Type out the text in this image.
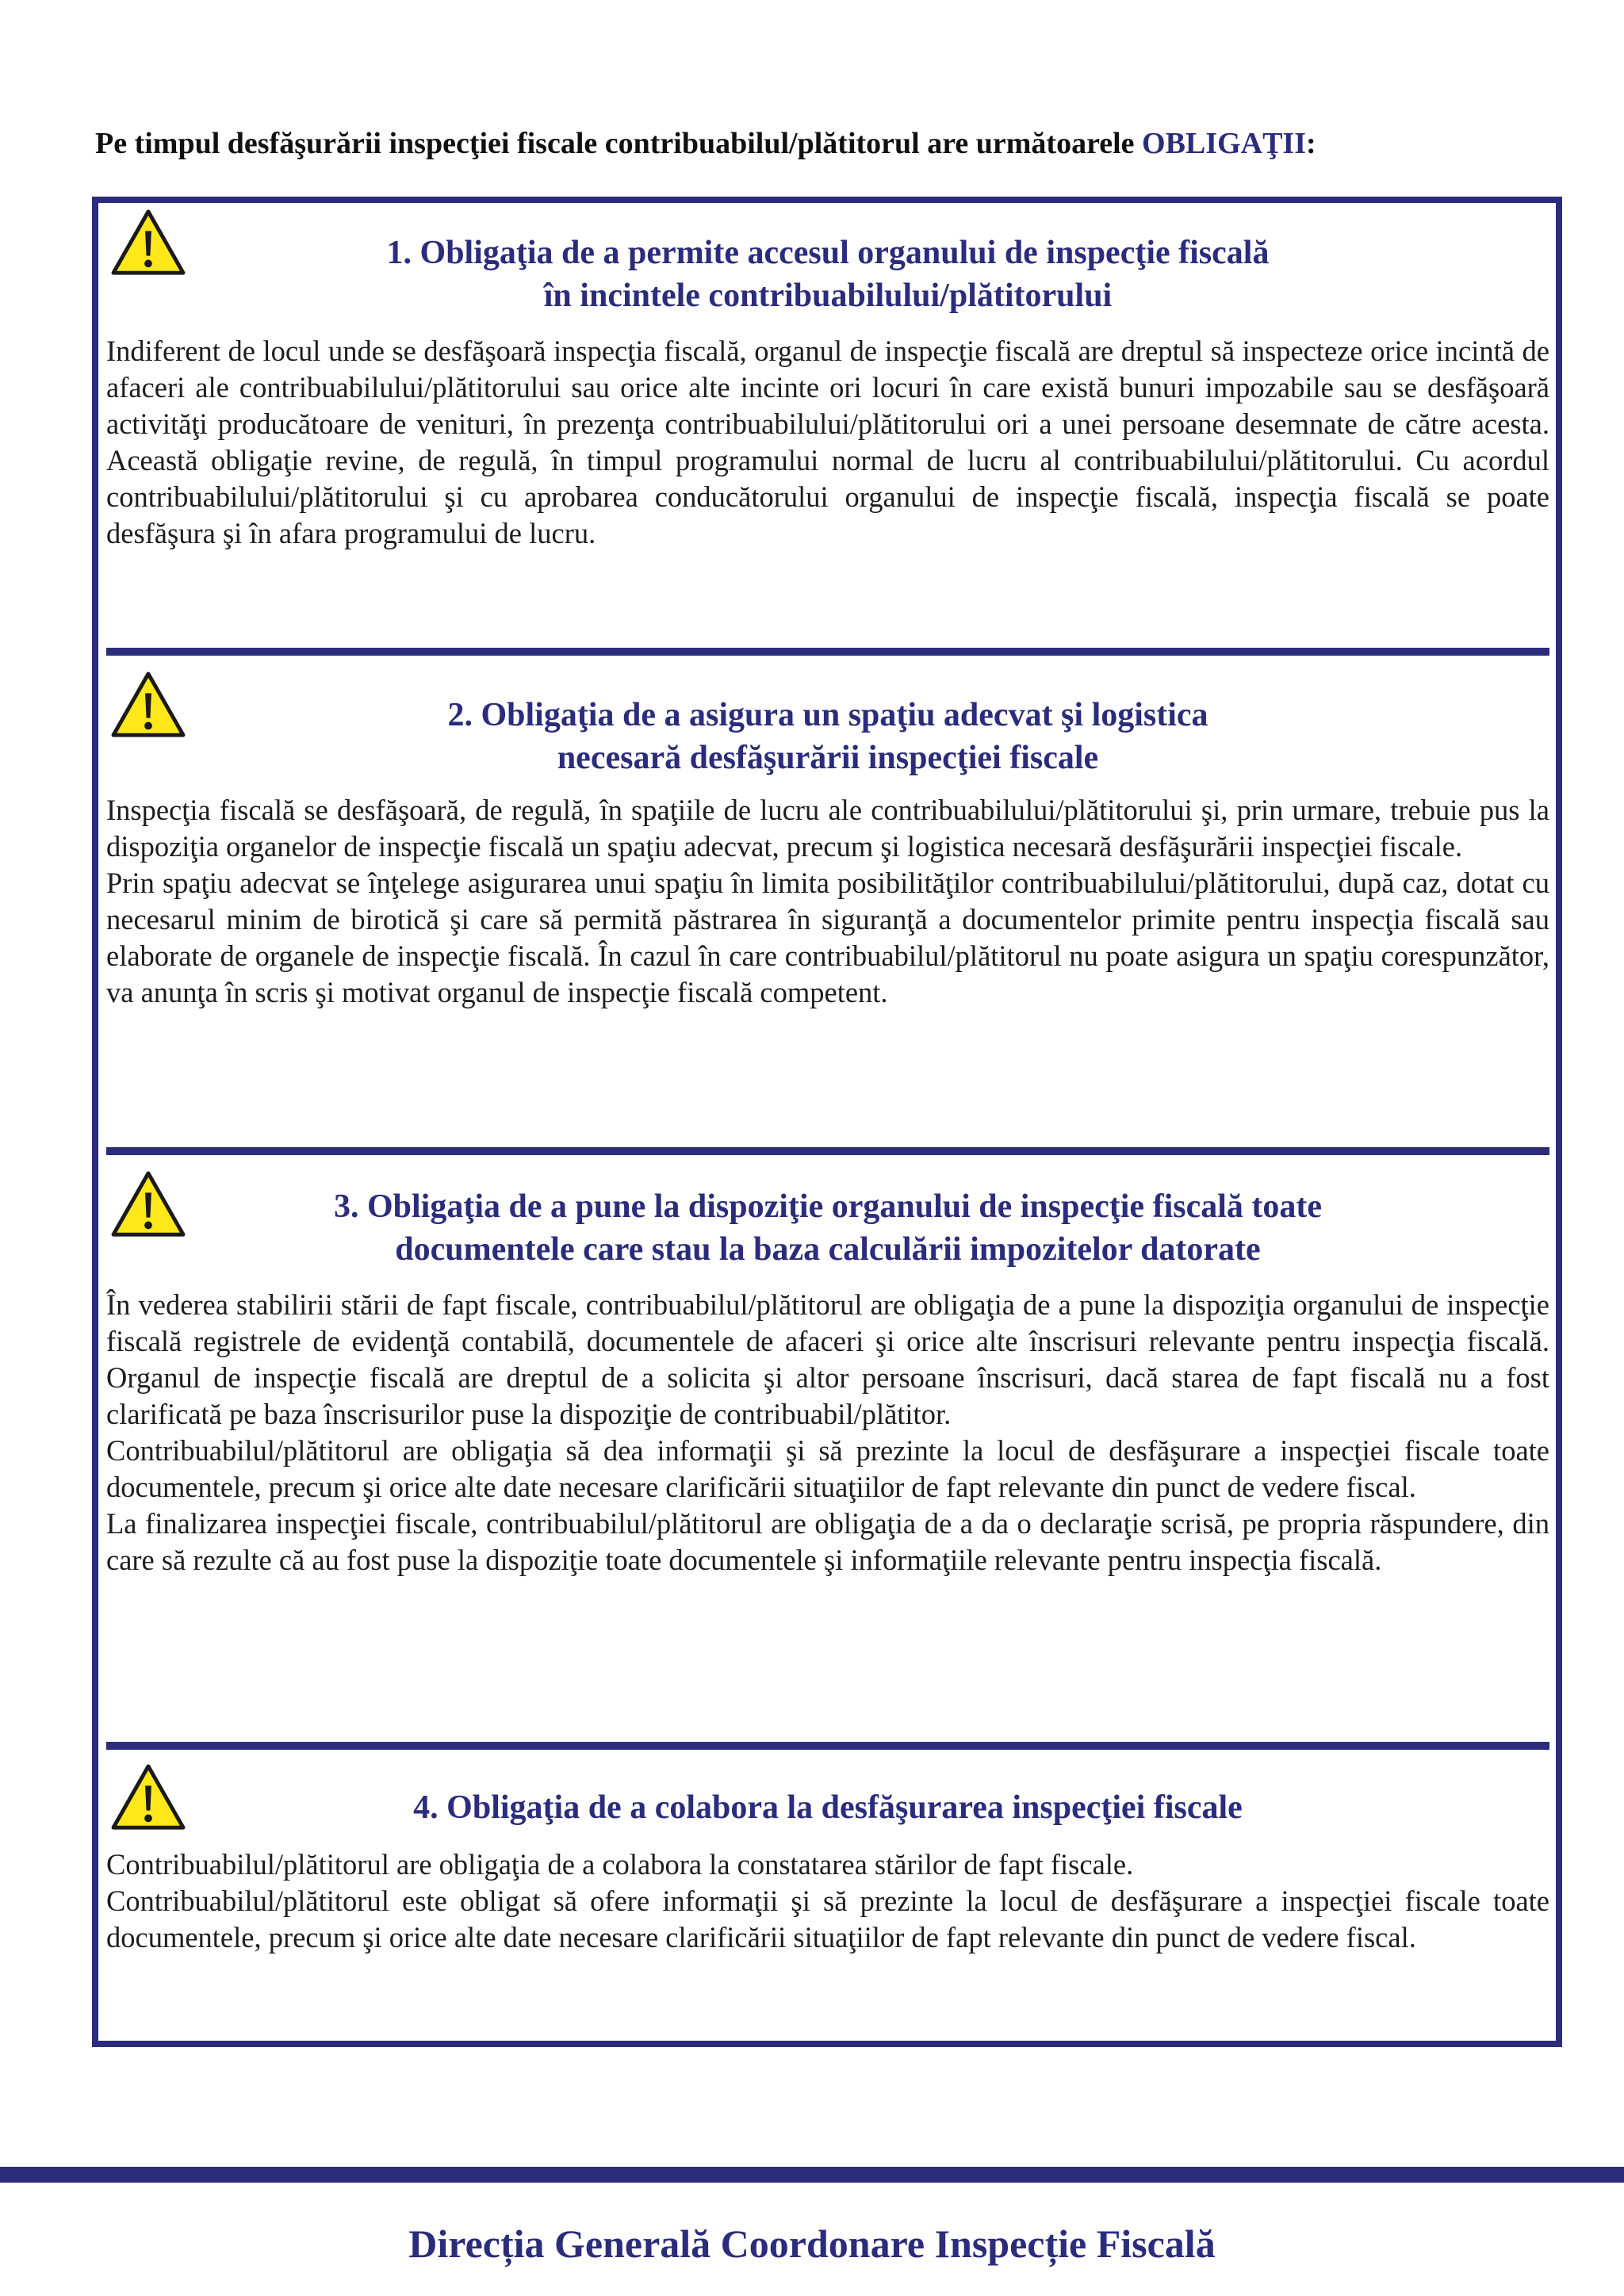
Pe timpul desfăşurării inspecţiei fiscale contribuabilul/plătitorul are următoarele OBLIGAŢII:
1. Obligaţia de a permite accesul organului de inspecţie fiscală
în incintele contribuabilului/plătitorului

Indiferent de locul unde se desfăşoară inspecţia fiscală, organul de inspecţie fiscală are dreptul să inspecteze orice incintă de afaceri ale contribuabilului/plătitorului sau orice alte incinte ori locuri în care există bunuri impozabile sau se desfăşoară activităţi producătoare de venituri, în prezenţa contribuabilului/plătitorului ori a unei persoane desemnate de către acesta. Această obligaţie revine, de regulă, în timpul programului normal de lucru al contribuabilului/plătitorului. Cu acordul contribuabilului/plătitorului şi cu aprobarea conducătorului organului de inspecţie fiscală, inspecţia fiscală se poate desfăşura şi în afara programului de lucru.

2. Obligaţia de a asigura un spaţiu adecvat şi logistica
necesară desfăşurării inspecţiei fiscale

Inspecţia fiscală se desfăşoară, de regulă, în spaţiile de lucru ale contribuabilului/plătitorului şi, prin urmare, trebuie pus la dispoziţia organelor de inspecţie fiscală un spaţiu adecvat, precum şi logistica necesară desfăşurării inspecţiei fiscale.

Prin spaţiu adecvat se înţelege asigurarea unui spaţiu în limita posibilităţilor contribuabilului/plătitorului, după caz, dotat cu necesarul minim de birotică şi care să permită păstrarea în siguranţă a documentelor primite pentru inspecţia fiscală sau elaborate de organele de inspecţie fiscală. În cazul în care contribuabilul/plătitorul nu poate asigura un spaţiu corespunzător, va anunţa în scris şi motivat organul de inspecţie fiscală competent.

3. Obligaţia de a pune la dispoziţie organului de inspecţie fiscală toate
documentele care stau la baza calculării impozitelor datorate

În vederea stabilirii stării de fapt fiscale, contribuabilul/plătitorul are obligaţia de a pune la dispoziţia organului de inspecţie fiscală registrele de evidenţă contabilă, documentele de afaceri şi orice alte înscrisuri relevante pentru inspecţia fiscală. Organul de inspecţie fiscală are dreptul de a solicita şi altor persoane înscrisuri, dacă starea de fapt fiscală nu a fost clarificată pe baza înscrisurilor puse la dispoziţie de contribuabil/plătitor.

Contribuabilul/plătitorul are obligaţia să dea informaţii şi să prezinte la locul de desfăşurare a inspecţiei fiscale toate documentele, precum şi orice alte date necesare clarificării situaţiilor de fapt relevante din punct de vedere fiscal.

La finalizarea inspecţiei fiscale, contribuabilul/plătitorul are obligaţia de a da o declaraţie scrisă, pe propria răspundere, din care să rezulte că au fost puse la dispoziţie toate documentele şi informaţiile relevante pentru inspecţia fiscală.

4. Obligaţia de a colabora la desfăşurarea inspecţiei fiscale

Contribuabilul/plătitorul are obligaţia de a colabora la constatarea stărilor de fapt fiscale.

Contribuabilul/plătitorul este obligat să ofere informaţii şi să prezinte la locul de desfăşurare a inspecţiei fiscale toate documentele, precum şi orice alte date necesare clarificării situaţiilor de fapt relevante din punct de vedere fiscal.

Direcția Generală Coordonare Inspecție Fiscală
